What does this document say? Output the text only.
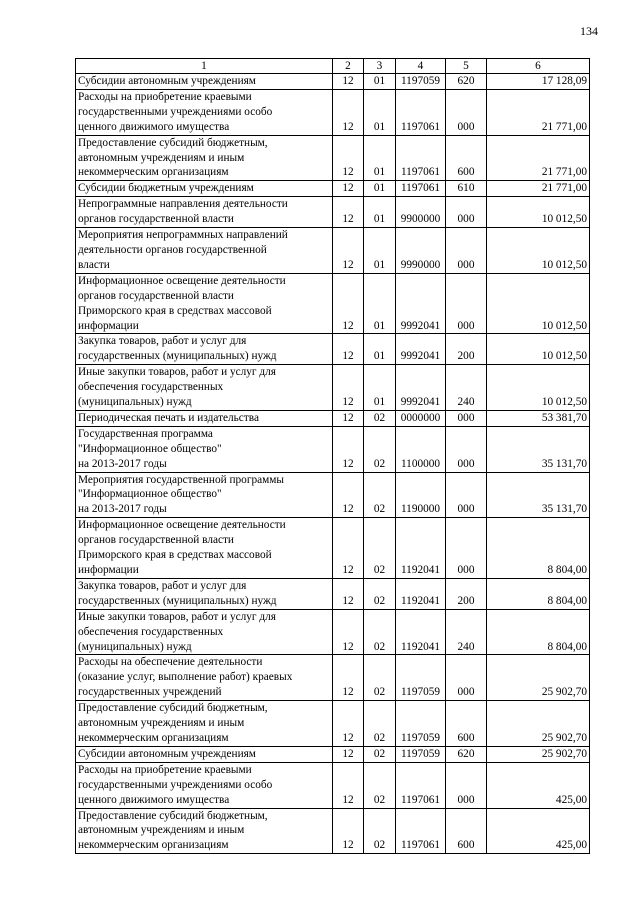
134
1	2	3	4	5	6
Субсидии автономным учреждениям	12	01	1197059	620	17 128,09
Расходы на приобретение краевыми
государственными учреждениями особо
ценного движимого имущества	12	01	1197061	000	21 771,00
Предоставление субсидий бюджетным,
автономным учреждениям и иным
некоммерческим организациям	12	01	1197061	600	21 771,00
Субсидии бюджетным учреждениям	12	01	1197061	610	21 771,00
Непрограммные направления деятельности
органов государственной власти	12	01	9900000	000	10 012,50
Мероприятия непрограммных направлений
деятельности органов государственной
власти	12	01	9990000	000	10 012,50
Информационное освещение деятельности
органов государственной власти
Приморского края в средствах массовой
информации	12	01	9992041	000	10 012,50
Закупка товаров, работ и услуг для
государственных (муниципальных) нужд	12	01	9992041	200	10 012,50
Иные закупки товаров, работ и услуг для
обеспечения государственных
(муниципальных) нужд	12	01	9992041	240	10 012,50
Периодическая печать и издательства	12	02	0000000	000	53 381,70
Государственная программа
"Информационное общество"
на 2013-2017 годы	12	02	1100000	000	35 131,70
Мероприятия государственной программы
"Информационное общество"
на 2013-2017 годы	12	02	1190000	000	35 131,70
Информационное освещение деятельности
органов государственной власти
Приморского края в средствах массовой
информации	12	02	1192041	000	8 804,00
Закупка товаров, работ и услуг для
государственных (муниципальных) нужд	12	02	1192041	200	8 804,00
Иные закупки товаров, работ и услуг для
обеспечения государственных
(муниципальных) нужд	12	02	1192041	240	8 804,00
Расходы на обеспечение деятельности
(оказание услуг, выполнение работ) краевых
государственных учреждений	12	02	1197059	000	25 902,70
Предоставление субсидий бюджетным,
автономным учреждениям и иным
некоммерческим организациям	12	02	1197059	600	25 902,70
Субсидии автономным учреждениям	12	02	1197059	620	25 902,70
Расходы на приобретение краевыми
государственными учреждениями особо
ценного движимого имущества	12	02	1197061	000	425,00
Предоставление субсидий бюджетным,
автономным учреждениям и иным
некоммерческим организациям	12	02	1197061	600	425,00
